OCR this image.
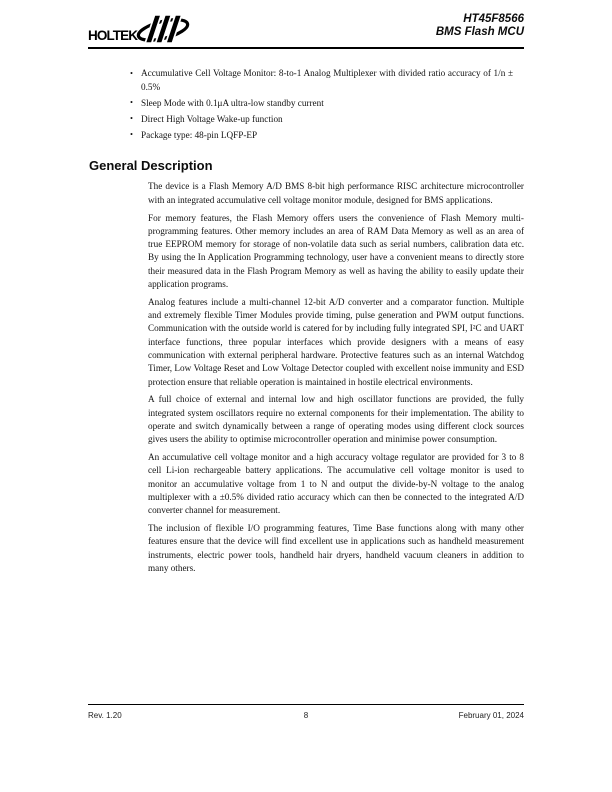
HOLTEK
HT45F8566
BMS Flash MCU
• Accumulative Cell Voltage Monitor: 8-to-1 Analog Multiplexer with divided ratio accuracy of 1/n ± 0.5%
• Sleep Mode with 0.1μA ultra-low standby current
• Direct High Voltage Wake-up function
• Package type: 48-pin LQFP-EP
General Description

The device is a Flash Memory A/D BMS 8-bit high performance RISC architecture microcontroller with an integrated accumulative cell voltage monitor module, designed for BMS applications.

For memory features, the Flash Memory offers users the convenience of Flash Memory multi-programming features. Other memory includes an area of RAM Data Memory as well as an area of true EEPROM memory for storage of non-volatile data such as serial numbers, calibration data etc. By using the In Application Programming technology, user have a convenient means to directly store their measured data in the Flash Program Memory as well as having the ability to easily update their application programs.

Analog features include a multi-channel 12-bit A/D converter and a comparator function. Multiple and extremely flexible Timer Modules provide timing, pulse generation and PWM output functions. Communication with the outside world is catered for by including fully integrated SPI, I²C and UART interface functions, three popular interfaces which provide designers with a means of easy communication with external peripheral hardware. Protective features such as an internal Watchdog Timer, Low Voltage Reset and Low Voltage Detector coupled with excellent noise immunity and ESD protection ensure that reliable operation is maintained in hostile electrical environments.

A full choice of external and internal low and high oscillator functions are provided, the fully integrated system oscillators require no external components for their implementation. The ability to operate and switch dynamically between a range of operating modes using different clock sources gives users the ability to optimise microcontroller operation and minimise power consumption.

An accumulative cell voltage monitor and a high accuracy voltage regulator are provided for 3 to 8 cell Li-ion rechargeable battery applications. The accumulative cell voltage monitor is used to monitor an accumulative voltage from 1 to N and output the divide-by-N voltage to the analog multiplexer with a ±0.5% divided ratio accuracy which can then be connected to the integrated A/D converter channel for measurement.

The inclusion of flexible I/O programming features, Time Base functions along with many other features ensure that the device will find excellent use in applications such as handheld measurement instruments, electric power tools, handheld hair dryers, handheld vacuum cleaners in addition to many others.

Rev. 1.20	8	February 01, 2024
